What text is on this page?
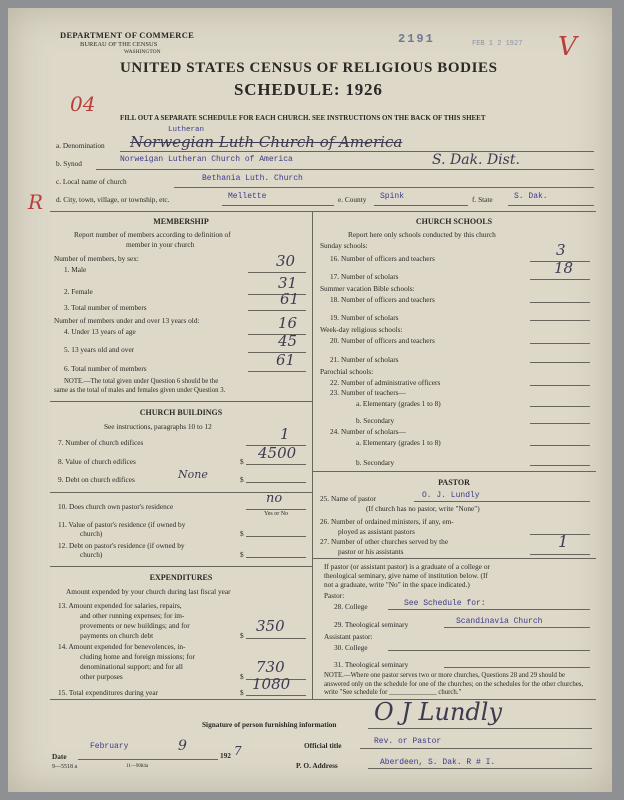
DEPARTMENT OF COMMERCE
BUREAU OF THE CENSUS
WASHINGTON
2191	FEB 1 2 1927 V
UNITED STATES CENSUS OF RELIGIOUS BODIES
SCHEDULE: 1926
04
FILL OUT A SEPARATE SCHEDULE FOR EACH CHURCH. SEE INSTRUCTIONS ON THE BACK OF THIS SHEET
a. Denomination
Lutheran
Norwegian Luth Church of America
b. Synod	Norweigan Lutheran Church of America	S. Dak. Dist.
R
c. Local name of church	Bethania Luth. Church
d. City, town, village, or township, etc.	Mellette	e. County Spink	f. State	S. Dak.
MEMBERSHIP
Report number of members according to definition of
member in your church
Number of members, by sex:
1. Male	30
2. Female	31
3. Total number of members	61
Number of members under and over 13 years old:
4. Under 13 years of age	16
5. 13 years old and over	45
6. Total number of members	61
NOTE.—The total given under Question 6 should be the
same as the total of males and females given under Question 3.
CHURCH BUILDINGS
See instructions, paragraphs 10 to 12
7. Number of church edifices	1
8. Value of church edifices	$ 4500
9. Debt on church edifices	$
None
10. Does church own pastor's residence
no
Yes or No
11. Value of pastor's residence (if owned by
church)	$
12. Debt on pastor's residence (if owned by
church)	$
EXPENDITURES
Amount expended by your church during last fiscal year
13. Amount expended for salaries, repairs,
and other running expenses; for im-
provements or new buildings; and for
payments on church debt	$
350
14. Amount expended for benevolences, in-
cluding home and foreign missions; for
denominational support; and for all
other purposes	$
730
15. Total expenditures during year	$ 1080
CHURCH SCHOOLS
Report here only schools conducted by this church
Sunday schools:
16. Number of officers and teachers	3
17. Number of scholars	18
Summer vacation Bible schools:
18. Number of officers and teachers
19. Number of scholars
Week-day religious schools:
20. Number of officers and teachers
21. Number of scholars
Parochial schools:
22. Number of administrative officers
23. Number of teachers—
a. Elementary (grades 1 to 8)
b. Secondary
24. Number of scholars—
a. Elementary (grades 1 to 8)
b. Secondary
PASTOR
25. Name of pastor	O. J. Lundly
(If church has no pastor, write "None")
26. Number of ordained ministers, if any, em-
ployed as assistant pastors
27. Number of other churches served by the
pastor or his assistants
1
If pastor (or assistant pastor) is a graduate of a college or
theological seminary, give name of institution below. (If
not a graduate, write "No" in the space indicated.)
Pastor:
28. College	See Schedule for:
29. Theological seminary	Scandinavia Church
Assistant pastor:
30. College
31. Theological seminary
NOTE.—Where one pastor serves two or more churches, Questions 28 and 29 should be answered only on the schedule for one of the churches; on the schedules for the other churches, write "See schedule for ______________ church."
Signature of person furnishing information O J Lundly
Official title	Rev. or Pastor
Date
February	9
192 7
P. O. Address	Aberdeen, S. Dak. R # I.
9—5518 a	11—9084a
